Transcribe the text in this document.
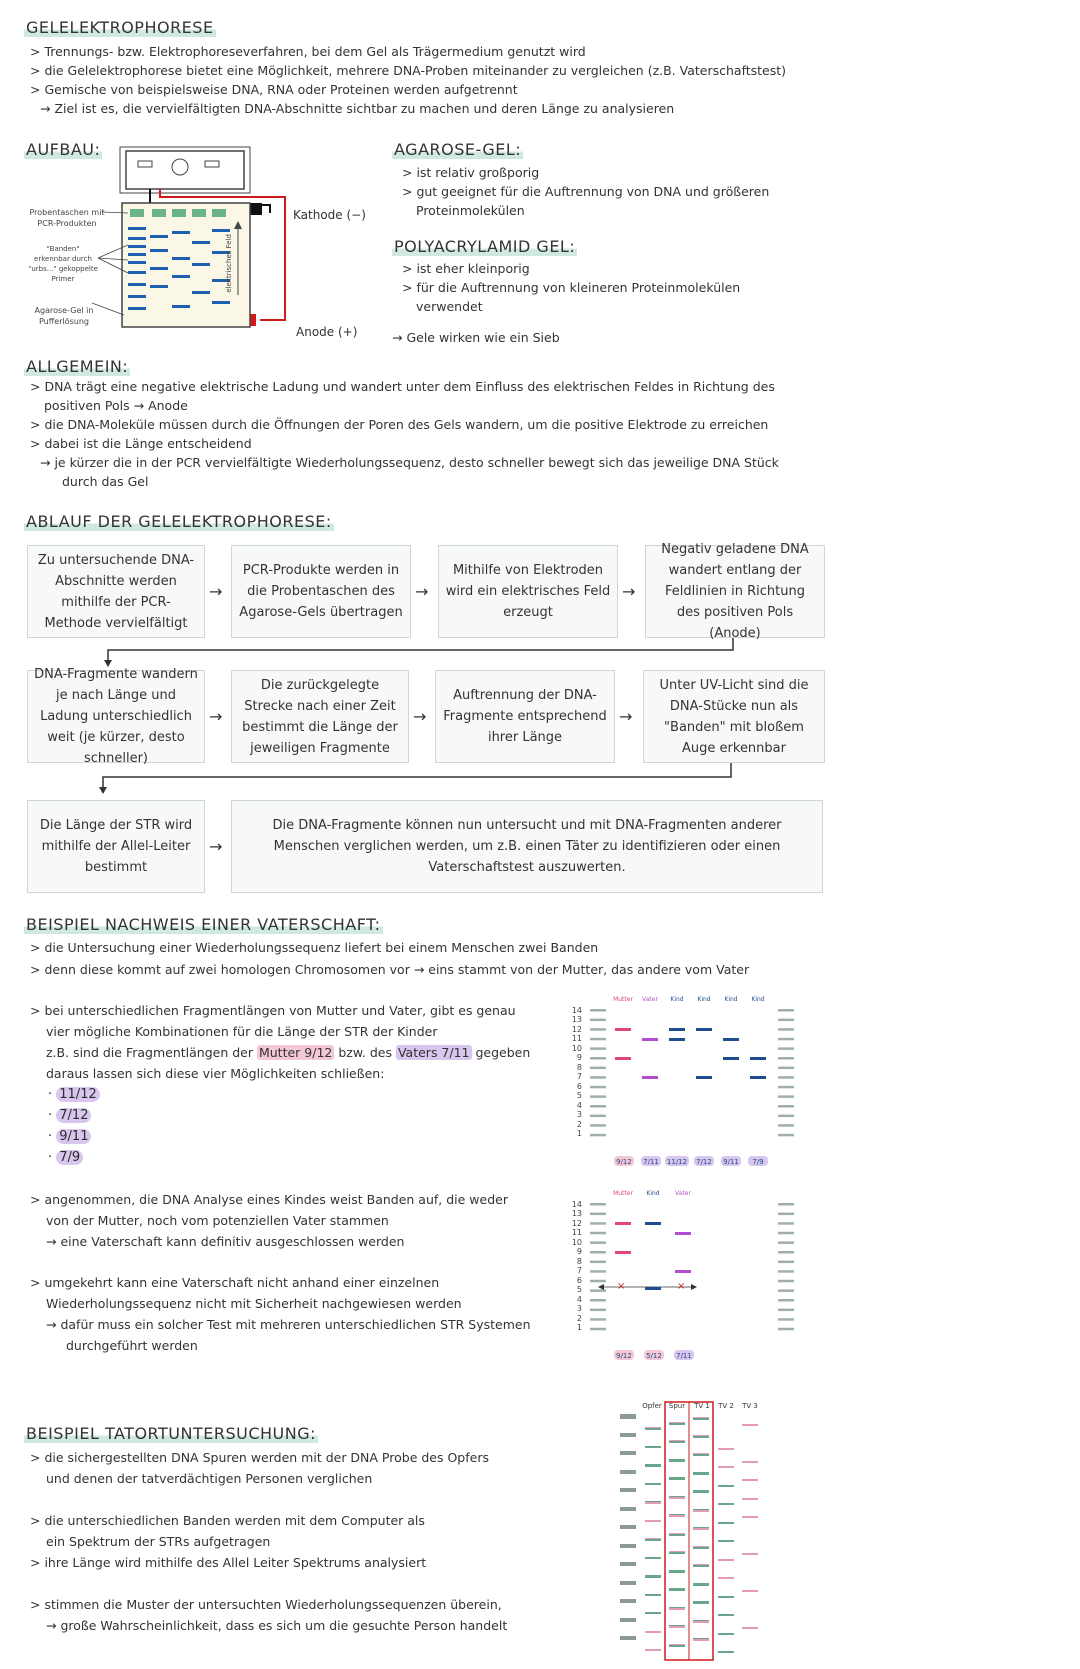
GELELEKTROPHORESE
> Trennungs- bzw. Elektrophoreseverfahren, bei dem Gel als Trägermedium genutzt wird
> die Gelelektrophorese bietet eine Möglichkeit, mehrere DNA-Proben miteinander zu vergleichen (z.B. Vaterschaftstest)
> Gemische von beispielsweise DNA, RNA oder Proteinen werden aufgetrennt
→ Ziel ist es, die vervielfältigten DNA-Abschnitte sichtbar zu machen und deren Länge zu analysieren
AUFBAU:
Probentaschen mit
PCR-Produkten
"Banden"
erkennbar durch
"urbs..." gekoppelte
Primer
Agarose-Gel in
Pufferlösung
elektrisches Feld
Kathode (−)
Anode (+)
AGAROSE-GEL:
> ist relativ großporig
> gut geeignet für die Auftrennung von DNA und größeren
Proteinmolekülen
POLYACRYLAMID GEL:
> ist eher kleinporig
> für die Auftrennung von kleineren Proteinmolekülen
verwendet
→ Gele wirken wie ein Sieb
ALLGEMEIN:
> DNA trägt eine negative elektrische Ladung und wandert unter dem Einfluss des elektrischen Feldes in Richtung des
positiven Pols → Anode
> die DNA-Moleküle müssen durch die Öffnungen der Poren des Gels wandern, um die positive Elektrode zu erreichen
> dabei ist die Länge entscheidend
→ je kürzer die in der PCR vervielfältigte Wiederholungssequenz, desto schneller bewegt sich das jeweilige DNA Stück
durch das Gel
ABLAUF DER GELELEKTROPHORESE:
Zu untersuchende DNA-Abschnitte werden mithilfe der PCR-Methode vervielfältigt
→
PCR-Produkte werden in die Probentaschen des Agarose-Gels übertragen
→
Mithilfe von Elektroden wird ein elektrisches Feld erzeugt
→
Negativ geladene DNA wandert entlang der Feldlinien in Richtung des positiven Pols (Anode)
DNA-Fragmente wandern je nach Länge und Ladung unterschiedlich weit (je kürzer, desto schneller)
→
Die zurückgelegte Strecke nach einer Zeit bestimmt die Länge der jeweiligen Fragmente
→
Auftrennung der DNA-Fragmente entsprechend ihrer Länge
→
Unter UV-Licht sind die DNA-Stücke nun als "Banden" mit bloßem Auge erkennbar
Die Länge der STR wird mithilfe der Allel-Leiter bestimmt
→
Die DNA-Fragmente können nun untersucht und mit DNA-Fragmenten anderer Menschen verglichen werden, um z.B. einen Täter zu identifizieren oder einen Vaterschaftstest auszuwerten.
BEISPIEL NACHWEIS EINER VATERSCHAFT:
> die Untersuchung einer Wiederholungssequenz liefert bei einem Menschen zwei Banden
> denn diese kommt auf zwei homologen Chromosomen vor → eins stammt von der Mutter, das andere vom Vater
> bei unterschiedlichen Fragmentlängen von Mutter und Vater, gibt es genau
vier mögliche Kombinationen für die Länge der STR der Kinder
z.B. sind die Fragmentlängen der Mutter 9/12 bzw. des Vaters 7/11 gegeben
daraus lassen sich diese vier Möglichkeiten schließen:
· 11/12
· 7/12
· 9/11
· 7/9
Mutter Vater Kind Kind Kind Kind
14
13
12
11
10
9
8
7
6
5
4
3
2
1
9/12 7/11 11/12 7/12 9/11 7/9
> angenommen, die DNA Analyse eines Kindes weist Banden auf, die weder
von der Mutter, noch vom potenziellen Vater stammen
→ eine Vaterschaft kann definitiv ausgeschlossen werden
> umgekehrt kann eine Vaterschaft nicht anhand einer einzelnen
Wiederholungssequenz nicht mit Sicherheit nachgewiesen werden
→ dafür muss ein solcher Test mit mehreren unterschiedlichen STR Systemen
durchgeführt werden
Mutter Kind	Vater
14
13
12
11
10
9
8
7
6
5
4
3
2
1
×	×
9/12 5/12 7/11
BEISPIEL TATORTUNTERSUCHUNG:
> die sichergestellten DNA Spuren werden mit der DNA Probe des Opfers
und denen der tatverdächtigen Personen verglichen
> die unterschiedlichen Banden werden mit dem Computer als
ein Spektrum der STRs aufgetragen
> ihre Länge wird mithilfe des Allel Leiter Spektrums analysiert
> stimmen die Muster der untersuchten Wiederholungssequenzen überein,
→ große Wahrscheinlichkeit, dass es sich um die gesuchte Person handelt
Opfer Spur TV 1 TV 2 TV 3
